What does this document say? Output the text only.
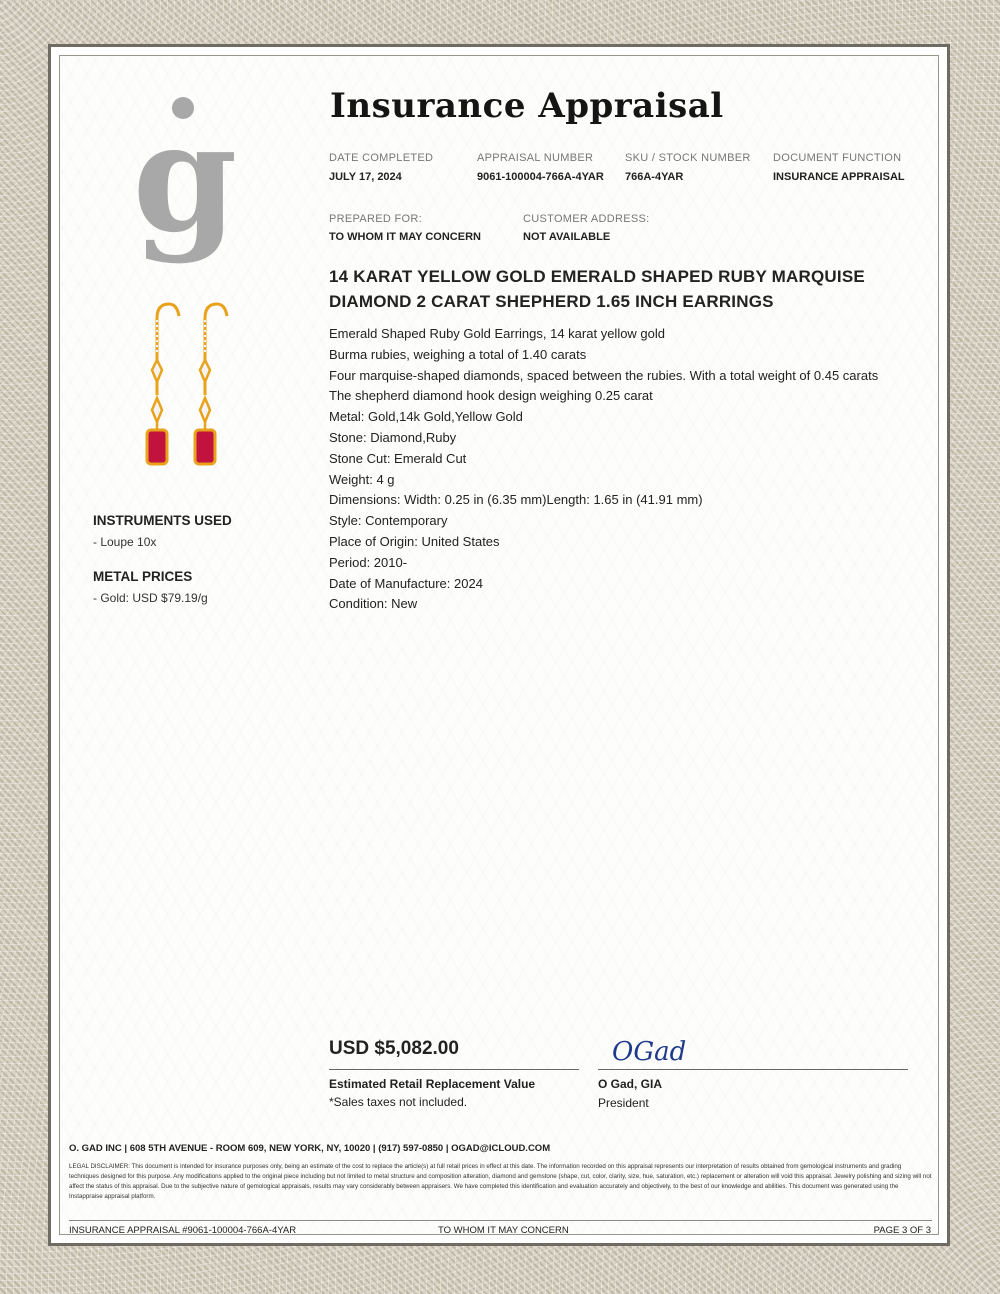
g	Insurance Appraisal
DATE COMPLETED
JULY 17, 2024
APPRAISAL NUMBER
9061-100004-766A-4YAR
SKU / STOCK NUMBER
766A-4YAR
DOCUMENT FUNCTION
INSURANCE APPRAISAL
PREPARED FOR:
TO WHOM IT MAY CONCERN
CUSTOMER ADDRESS:
NOT AVAILABLE
14 KARAT YELLOW GOLD EMERALD SHAPED RUBY MARQUISE
DIAMOND 2 CARAT SHEPHERD 1.65 INCH EARRINGS
Emerald Shaped Ruby Gold Earrings, 14 karat yellow gold
Burma rubies, weighing a total of 1.40 carats
Four marquise-shaped diamonds, spaced between the rubies. With a total weight of 0.45 carats
The shepherd diamond hook design weighing 0.25 carat
Metal: Gold,14k Gold,Yellow Gold
Stone: Diamond,Ruby
Stone Cut: Emerald Cut
Weight: 4 g
Dimensions: Width: 0.25 in (6.35 mm)Length: 1.65 in (41.91 mm)
Style: Contemporary
Place of Origin: United States
Period: 2010-
Date of Manufacture: 2024
Condition: New
INSTRUMENTS USED
- Loupe 10x
METAL PRICES
- Gold: USD $79.19/g
USD $5,082.00
Estimated Retail Replacement Value
*Sales taxes not included.
OGad
O Gad, GIA
President
O. GAD INC | 608 5TH AVENUE - ROOM 609, NEW YORK, NY, 10020 | (917) 597-0850 | OGAD@ICLOUD.COM
LEGAL DISCLAIMER: This document is intended for insurance purposes only, being an estimate of the cost to replace the article(s) at full retail prices in effect at this date. The information recorded on this appraisal represents our interpretation of results obtained from gemological instruments and grading techniques designed for this purpose. Any modifications applied to the original piece including but not limited to metal structure and composition alteration, diamond and gemstone (shape, cut, color, clarity, size, hue, saturation, etc.) replacement or alteration will void this appraisal. Jewelry polishing and sizing will not affect the status of this appraisal. Due to the subjective nature of gemological appraisals, results may vary considerably between appraisers. We have completed this identification and evaluation accurately and objectively, to the best of our knowledge and abilities. This document was generated using the Instappraise appraisal platform.
INSURANCE APPRAISAL #9061-100004-766A-4YAR	TO WHOM IT MAY CONCERN	PAGE 3 OF 3
